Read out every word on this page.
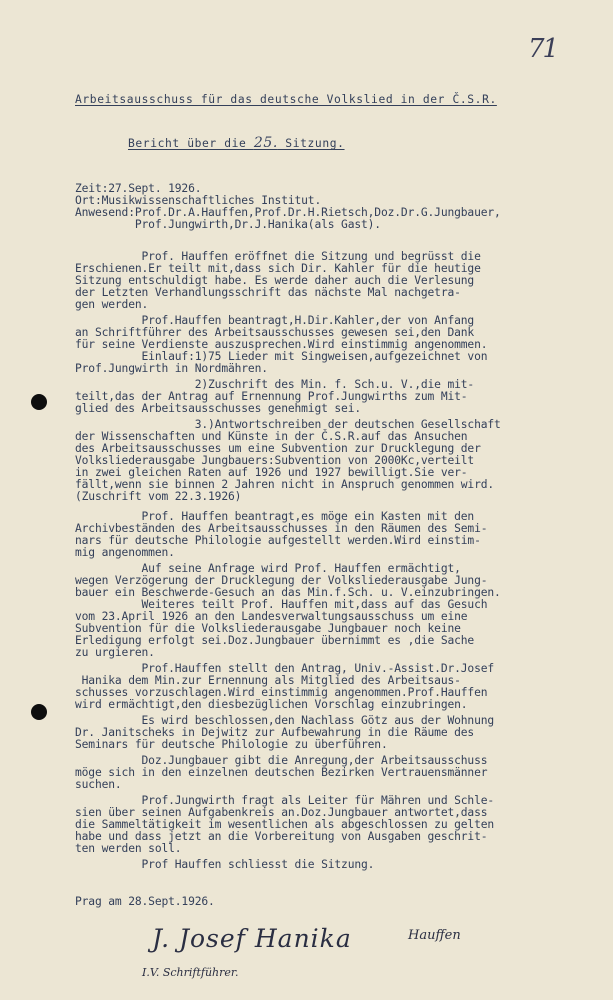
71
Arbeitsausschuss für das deutsche Volkslied in der Č.S.R.
Bericht über die 25. Sitzung.
Zeit:27.Sept. 1926.
Ort:Musikwissenschaftliches Institut.
Anwesend:Prof.Dr.A.Hauffen,Prof.Dr.H.Rietsch,Doz.Dr.G.Jungbauer,
Prof.Jungwirth,Dr.J.Hanika(als Gast).
Prof. Hauffen eröffnet die Sitzung und begrüsst die
Erschienen.Er teilt mit,dass sich Dir. Kahler für die heutige
Sitzung entschuldigt habe. Es werde daher auch die Verlesung
der Letzten Verhandlungsschrift das nächste Mal nachgetra-
gen werden.
Prof.Hauffen beantragt,H.Dir.Kahler,der von Anfang
an Schriftführer des Arbeitsausschusses gewesen sei,den Dank
für seine Verdienste auszusprechen.Wird einstimmig angenommen.
Einlauf:1)75 Lieder mit Singweisen,aufgezeichnet von
Prof.Jungwirth in Nordmähren.
2)Zuschrift des Min. f. Sch.u. V.,die mit-
teilt,das der Antrag auf Ernennung Prof.Jungwirths zum Mit-
glied des Arbeitsausschusses genehmigt sei.
3.)Antwortschreiben der deutschen Gesellschaft
der Wissenschaften und Künste in der Č.S.R.auf das Ansuchen
des Arbeitsausschusses um eine Subvention zur Drucklegung der
Volksliederausgabe Jungbauers:Subvention von 2000Kc,verteilt
in zwei gleichen Raten auf 1926 und 1927 bewilligt.Sie ver-
fällt,wenn sie binnen 2 Jahren nicht in Anspruch genommen wird.
(Zuschrift vom 22.3.1926)
Prof. Hauffen beantragt,es möge ein Kasten mit den
Archivbeständen des Arbeitsausschusses in den Räumen des Semi-
nars für deutsche Philologie aufgestellt werden.Wird einstim-
mig angenommen.
Auf seine Anfrage wird Prof. Hauffen ermächtigt,
wegen Verzögerung der Drucklegung der Volksliederausgabe Jung-
bauer ein Beschwerde-Gesuch an das Min.f.Sch. u. V.einzubringen.
Weiteres teilt Prof. Hauffen mit,dass auf das Gesuch
vom 23.April 1926 an den Landesverwaltungsausschuss um eine
Subvention für die Volksliederausgabe Jungbauer noch keine
Erledigung erfolgt sei.Doz.Jungbauer übernimmt es ,die Sache
zu urgieren.
Prof.Hauffen stellt den Antrag, Univ.-Assist.Dr.Josef
Hanika dem Min.zur Ernennung als Mitglied des Arbeitsaus-
schusses vorzuschlagen.Wird einstimmig angenommen.Prof.Hauffen
wird ermächtigt,den diesbezüglichen Vorschlag einzubringen.
Es wird beschlossen,den Nachlass Götz aus der Wohnung
Dr. Janitscheks in Dejwitz zur Aufbewahrung in die Räume des
Seminars für deutsche Philologie zu überführen.
Doz.Jungbauer gibt die Anregung,der Arbeitsausschuss
möge sich in den einzelnen deutschen Bezirken Vertrauensmänner
suchen.
Prof.Jungwirth fragt als Leiter für Mähren und Schle-
sien über seinen Aufgabenkreis an.Doz.Jungbauer antwortet,dass
die Sammeltätigkeit im wesentlichen als abgeschlossen zu gelten
habe und dass jetzt an die Vorbereitung von Ausgaben geschrit-
ten werden soll.
Prof Hauffen schliesst die Sitzung.
Prag am 28.Sept.1926.
J. Josef Hanika	Hauffen
I.V. Schriftführer.
